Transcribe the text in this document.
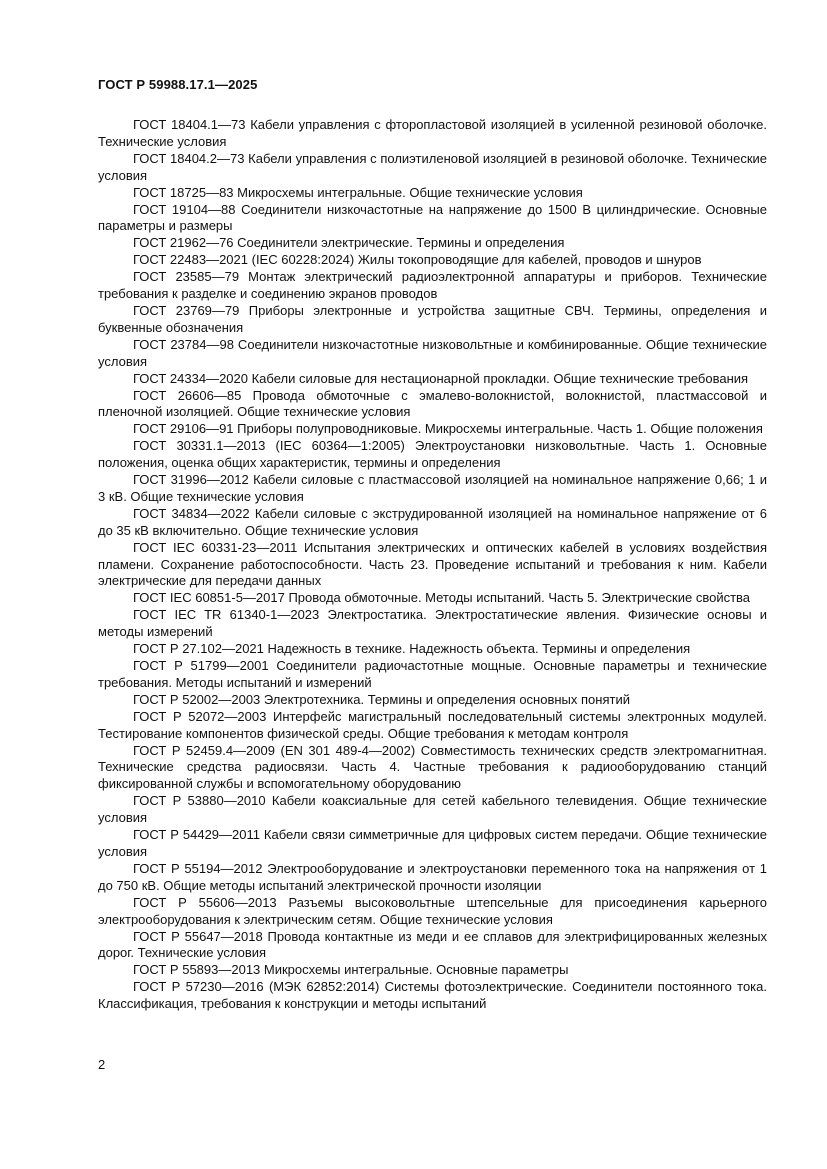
ГОСТ Р 59988.17.1—2025
ГОСТ 18404.1—73 Кабели управления с фторопластовой изоляцией в усиленной резиновой оболочке. Технические условия
ГОСТ 18404.2—73 Кабели управления с полиэтиленовой изоляцией в резиновой оболочке. Технические условия
ГОСТ 18725—83 Микросхемы интегральные. Общие технические условия
ГОСТ 19104—88 Соединители низкочастотные на напряжение до 1500 В цилиндрические. Основные параметры и размеры
ГОСТ 21962—76 Соединители электрические. Термины и определения
ГОСТ 22483—2021 (IEC 60228:2024) Жилы токопроводящие для кабелей, проводов и шнуров
ГОСТ 23585—79 Монтаж электрический радиоэлектронной аппаратуры и приборов. Технические требования к разделке и соединению экранов проводов
ГОСТ 23769—79 Приборы электронные и устройства защитные СВЧ. Термины, определения и буквенные обозначения
ГОСТ 23784—98 Соединители низкочастотные низковольтные и комбинированные. Общие технические условия
ГОСТ 24334—2020 Кабели силовые для нестационарной прокладки. Общие технические требования
ГОСТ 26606—85 Провода обмоточные с эмалево-волокнистой, волокнистой, пластмассовой и пленочной изоляцией. Общие технические условия
ГОСТ 29106—91 Приборы полупроводниковые. Микросхемы интегральные. Часть 1. Общие положения
ГОСТ 30331.1—2013 (IEC 60364—1:2005) Электроустановки низковольтные. Часть 1. Основные положения, оценка общих характеристик, термины и определения
ГОСТ 31996—2012 Кабели силовые с пластмассовой изоляцией на номинальное напряжение 0,66; 1 и 3 кВ. Общие технические условия
ГОСТ 34834—2022 Кабели силовые с экструдированной изоляцией на номинальное напряжение от 6 до 35 кВ включительно. Общие технические условия
ГОСТ IEC 60331-23—2011 Испытания электрических и оптических кабелей в условиях воздействия пламени. Сохранение работоспособности. Часть 23. Проведение испытаний и требования к ним. Кабели электрические для передачи данных
ГОСТ IEC 60851-5—2017 Провода обмоточные. Методы испытаний. Часть 5. Электрические свойства
ГОСТ IEC TR 61340-1—2023 Электростатика. Электростатические явления. Физические основы и методы измерений
ГОСТ Р 27.102—2021 Надежность в технике. Надежность объекта. Термины и определения
ГОСТ Р 51799—2001 Соединители радиочастотные мощные. Основные параметры и технические требования. Методы испытаний и измерений
ГОСТ Р 52002—2003 Электротехника. Термины и определения основных понятий
ГОСТ Р 52072—2003 Интерфейс магистральный последовательный системы электронных модулей. Тестирование компонентов физической среды. Общие требования к методам контроля
ГОСТ Р 52459.4—2009 (EN 301 489-4—2002) Совместимость технических средств электромагнитная. Технические средства радиосвязи. Часть 4. Частные требования к радиооборудованию станций фиксированной службы и вспомогательному оборудованию
ГОСТ Р 53880—2010 Кабели коаксиальные для сетей кабельного телевидения. Общие технические условия
ГОСТ Р 54429—2011 Кабели связи симметричные для цифровых систем передачи. Общие технические условия
ГОСТ Р 55194—2012 Электрооборудование и электроустановки переменного тока на напряжения от 1 до 750 кВ. Общие методы испытаний электрической прочности изоляции
ГОСТ Р 55606—2013 Разъемы высоковольтные штепсельные для присоединения карьерного электрооборудования к электрическим сетям. Общие технические условия
ГОСТ Р 55647—2018 Провода контактные из меди и ее сплавов для электрифицированных железных дорог. Технические условия
ГОСТ Р 55893—2013 Микросхемы интегральные. Основные параметры
ГОСТ Р 57230—2016 (МЭК 62852:2014) Системы фотоэлектрические. Соединители постоянного тока. Классификация, требования к конструкции и методы испытаний
2
